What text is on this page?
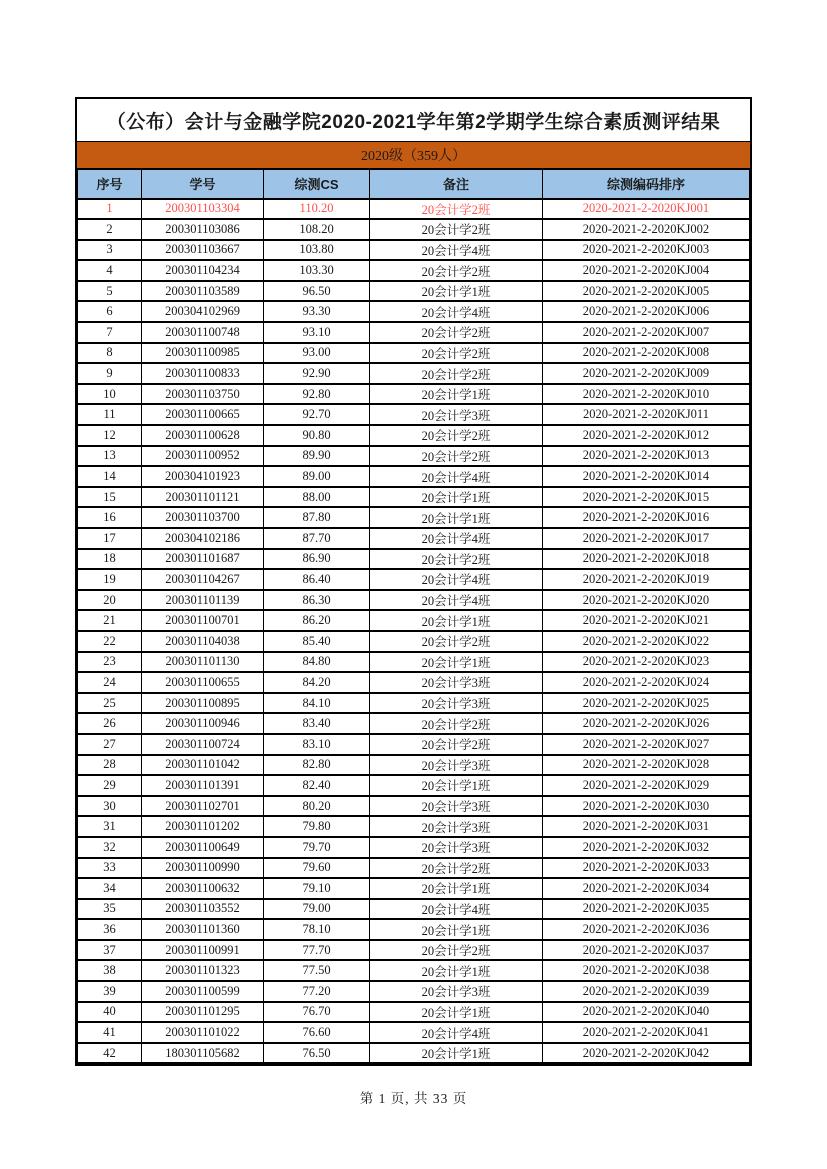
（公布）会计与金融学院2020-2021学年第2学期学生综合素质测评结果
2020级（359人）
序号	学号	综测CS	备注	综测编码排序
1	200301103304	110.20	20会计学2班	2020-2021-2-2020KJ001
2	200301103086	108.20	20会计学2班	2020-2021-2-2020KJ002
3	200301103667	103.80	20会计学4班	2020-2021-2-2020KJ003
4	200301104234	103.30	20会计学2班	2020-2021-2-2020KJ004
5	200301103589	96.50	20会计学1班	2020-2021-2-2020KJ005
6	200304102969	93.30	20会计学4班	2020-2021-2-2020KJ006
7	200301100748	93.10	20会计学2班	2020-2021-2-2020KJ007
8	200301100985	93.00	20会计学2班	2020-2021-2-2020KJ008
9	200301100833	92.90	20会计学2班	2020-2021-2-2020KJ009
10	200301103750	92.80	20会计学1班	2020-2021-2-2020KJ010
11	200301100665	92.70	20会计学3班	2020-2021-2-2020KJ011
12	200301100628	90.80	20会计学2班	2020-2021-2-2020KJ012
13	200301100952	89.90	20会计学2班	2020-2021-2-2020KJ013
14	200304101923	89.00	20会计学4班	2020-2021-2-2020KJ014
15	200301101121	88.00	20会计学1班	2020-2021-2-2020KJ015
16	200301103700	87.80	20会计学1班	2020-2021-2-2020KJ016
17	200304102186	87.70	20会计学4班	2020-2021-2-2020KJ017
18	200301101687	86.90	20会计学2班	2020-2021-2-2020KJ018
19	200301104267	86.40	20会计学4班	2020-2021-2-2020KJ019
20	200301101139	86.30	20会计学4班	2020-2021-2-2020KJ020
21	200301100701	86.20	20会计学1班	2020-2021-2-2020KJ021
22	200301104038	85.40	20会计学2班	2020-2021-2-2020KJ022
23	200301101130	84.80	20会计学1班	2020-2021-2-2020KJ023
24	200301100655	84.20	20会计学3班	2020-2021-2-2020KJ024
25	200301100895	84.10	20会计学3班	2020-2021-2-2020KJ025
26	200301100946	83.40	20会计学2班	2020-2021-2-2020KJ026
27	200301100724	83.10	20会计学2班	2020-2021-2-2020KJ027
28	200301101042	82.80	20会计学3班	2020-2021-2-2020KJ028
29	200301101391	82.40	20会计学1班	2020-2021-2-2020KJ029
30	200301102701	80.20	20会计学3班	2020-2021-2-2020KJ030
31	200301101202	79.80	20会计学3班	2020-2021-2-2020KJ031
32	200301100649	79.70	20会计学3班	2020-2021-2-2020KJ032
33	200301100990	79.60	20会计学2班	2020-2021-2-2020KJ033
34	200301100632	79.10	20会计学1班	2020-2021-2-2020KJ034
35	200301103552	79.00	20会计学4班	2020-2021-2-2020KJ035
36	200301101360	78.10	20会计学1班	2020-2021-2-2020KJ036
37	200301100991	77.70	20会计学2班	2020-2021-2-2020KJ037
38	200301101323	77.50	20会计学1班	2020-2021-2-2020KJ038
39	200301100599	77.20	20会计学3班	2020-2021-2-2020KJ039
40	200301101295	76.70	20会计学1班	2020-2021-2-2020KJ040
41	200301101022	76.60	20会计学4班	2020-2021-2-2020KJ041
42	180301105682	76.50	20会计学1班	2020-2021-2-2020KJ042
第 1 页, 共 33 页
